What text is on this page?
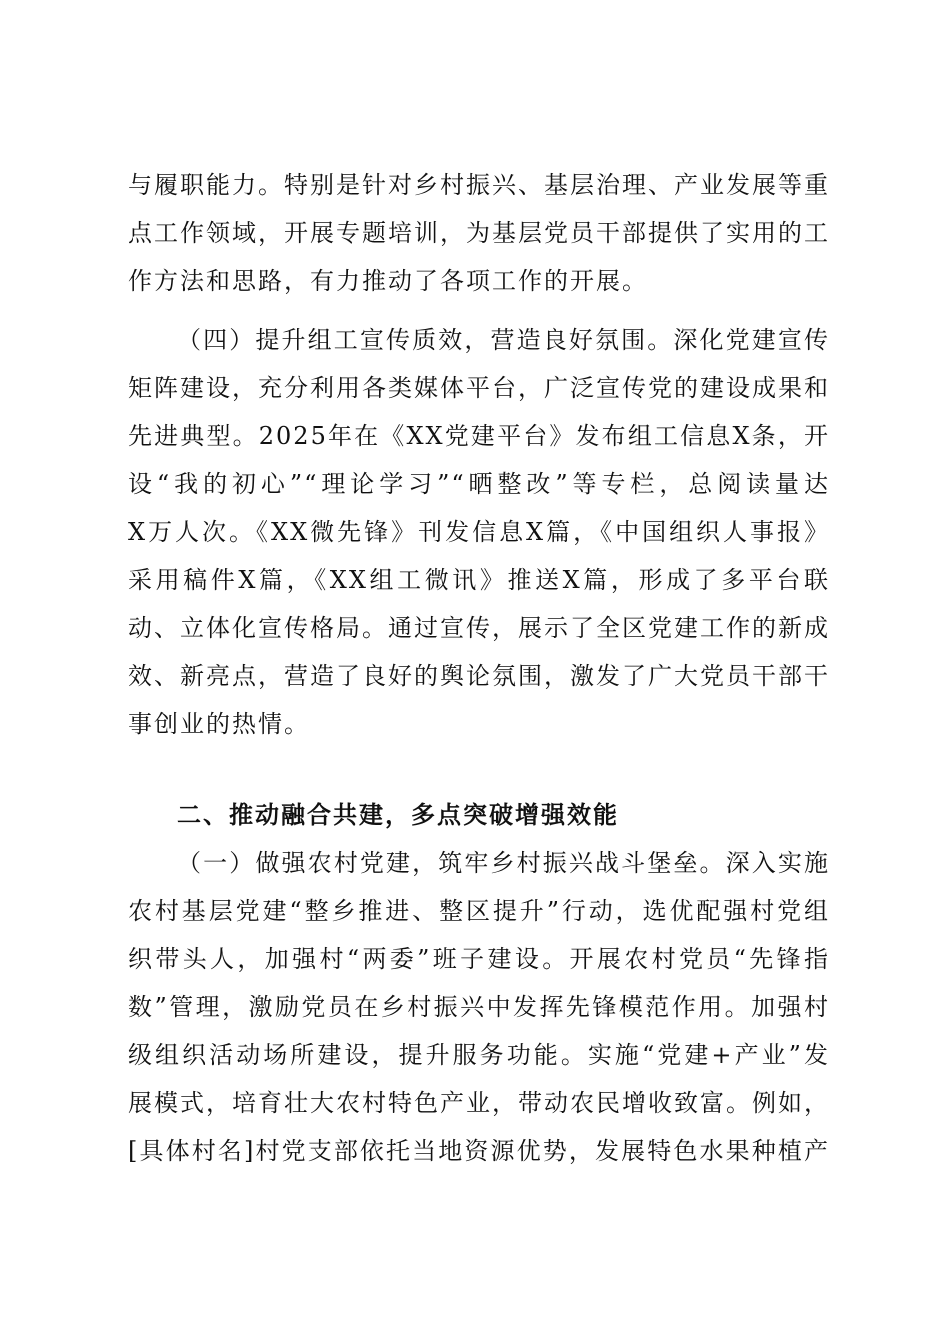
与履职能力。特别是针对乡村振兴、基层治理、产业发展等重
点工作领域，开展专题培训，为基层党员干部提供了实用的工
作方法和思路，有力推动了各项工作的开展。
（四）提升组工宣传质效，营造良好氛围。深化党建宣传
矩阵建设，充分利用各类媒体平台，广泛宣传党的建设成果和
先进典型。2025年在《XX党建平台》发布组工信息X条，开
设“我的初心”“理论学习”“晒整改”等专栏，总阅读量达
X万人次。《XX微先锋》刊发信息X篇，《中国组织人事报》
采用稿件X篇，《XX组工微讯》推送X篇，形成了多平台联
动、立体化宣传格局。通过宣传，展示了全区党建工作的新成
效、新亮点，营造了良好的舆论氛围，激发了广大党员干部干
事创业的热情。
二、推动融合共建，多点突破增强效能
（一）做强农村党建，筑牢乡村振兴战斗堡垒。深入实施
农村基层党建“整乡推进、整区提升”行动，选优配强村党组
织带头人，加强村“两委”班子建设。开展农村党员“先锋指
数”管理，激励党员在乡村振兴中发挥先锋模范作用。加强村
级组织活动场所建设，提升服务功能。实施“党建+产业”发
展模式，培育壮大农村特色产业，带动农民增收致富。例如，
[具体村名]村党支部依托当地资源优势，发展特色水果种植产
